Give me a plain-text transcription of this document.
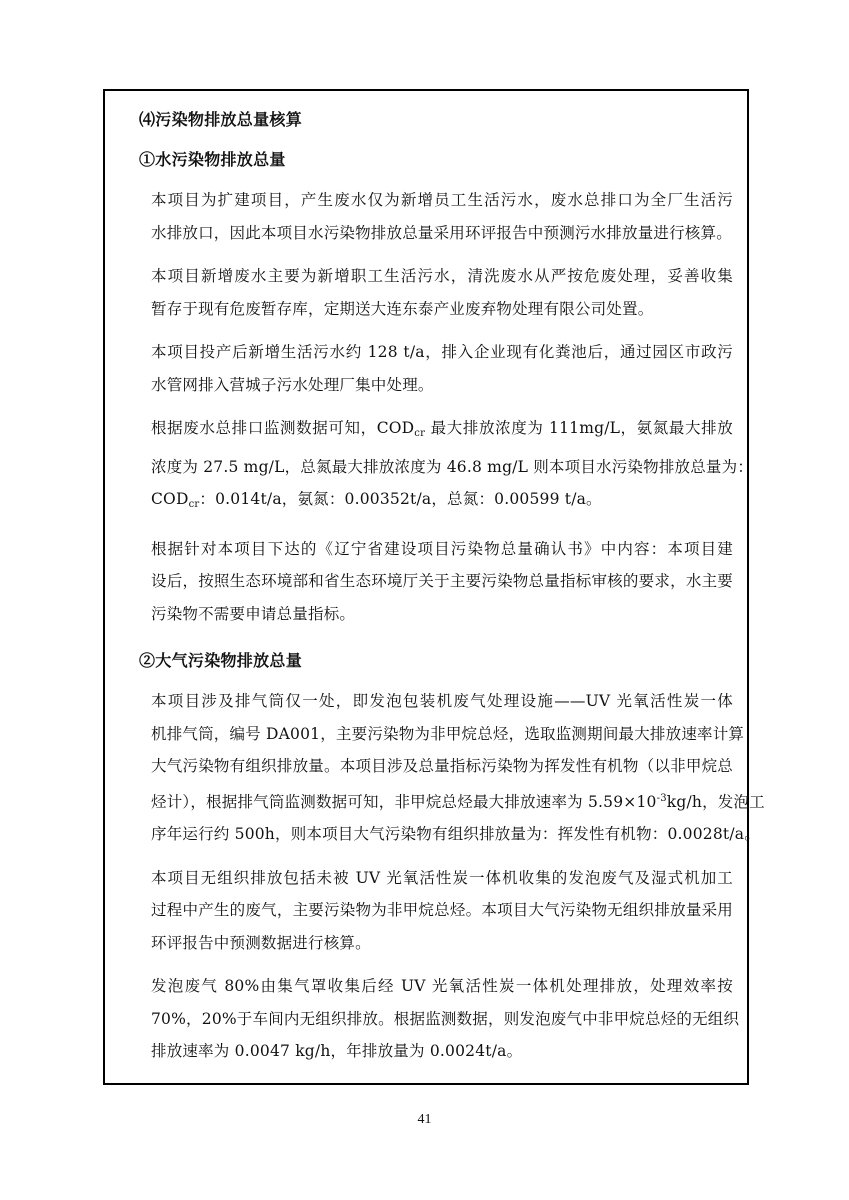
⑷污染物排放总量核算

①水污染物排放总量

本项目为扩建项目，产生废水仅为新增员工生活污水，废水总排口为全厂生活污
水排放口，因此本项目水污染物排放总量采用环评报告中预测污水排放量进行核算。

本项目新增废水主要为新增职工生活污水，清洗废水从严按危废处理，妥善收集
暂存于现有危废暂存库，定期送大连东泰产业废弃物处理有限公司处置。

本项目投产后新增生活污水约 128 t/a，排入企业现有化粪池后，通过园区市政污
水管网排入营城子污水处理厂集中处理。

根据废水总排口监测数据可知，$COD_{cr}$ 最大排放浓度为 111mg/L，氨氮最大排放
浓度为 27.5 mg/L，总氮最大排放浓度为 46.8 mg/L 则本项目水污染物排放总量为：
$COD_{cr}$：0.014t/a，氨氮：0.00352t/a，总氮：0.00599 t/a。

根据针对本项目下达的《辽宁省建设项目污染物总量确认书》中内容：本项目建
设后，按照生态环境部和省生态环境厅关于主要污染物总量指标审核的要求，水主要
污染物不需要申请总量指标。

②大气污染物排放总量

本项目涉及排气筒仅一处，即发泡包装机废气处理设施——UV 光氧活性炭一体
机排气筒，编号 DA001，主要污染物为非甲烷总烃，选取监测期间最大排放速率计算
大气污染物有组织排放量。本项目涉及总量指标污染物为挥发性有机物（以非甲烷总
烃计），根据排气筒监测数据可知，非甲烷总烃最大排放速率为 $5.59\times 10^{-3}kg/h$，发泡工
序年运行约 500h，则本项目大气污染物有组织排放量为：挥发性有机物：0.0028t/a。

本项目无组织排放包括未被 UV 光氧活性炭一体机收集的发泡废气及湿式机加工
过程中产生的废气，主要污染物为非甲烷总烃。本项目大气污染物无组织排放量采用
环评报告中预测数据进行核算。

发泡废气 80%由集气罩收集后经 UV 光氧活性炭一体机处理排放，处理效率按
70%，20%于车间内无组织排放。根据监测数据，则发泡废气中非甲烷总烃的无组织
排放速率为 0.0047 kg/h，年排放量为 0.0024t/a。

41
